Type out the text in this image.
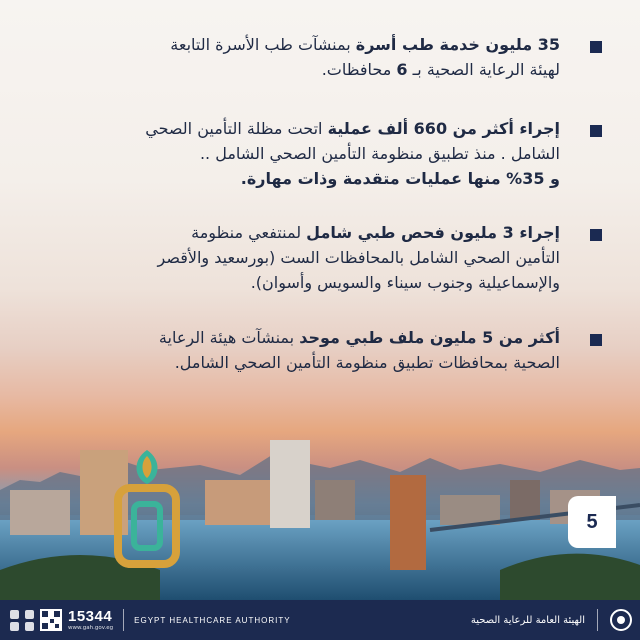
35 مليون خدمة طب أسرة بمنشآت طب الأسرة التابعة
لهيئة الرعاية الصحية بـ 6 محافظات.
إجراء أكثر من 660 ألف عملية اتحت مظلة التأمين الصحي
الشامل . منذ تطبيق منظومة التأمين الصحي الشامل ..
و 35% منها عمليات متقدمة وذات مهارة.
إجراء 3 مليون فحص طبي شامل لمنتفعي منظومة
التأمين الصحي الشامل بالمحافظات الست (بورسعيد والأقصر
والإسماعيلية وجنوب سيناء والسويس وأسوان).
أكثر من 5 مليون ملف طبي موحد بمنشآت هيئة الرعاية
الصحية بمحافظات تطبيق منظومة التأمين الصحي الشامل.
5
15344
www.gah.gov.eg
EGYPT HEALTHCARE AUTHORITY	الهيئة العامة للرعاية الصحية
